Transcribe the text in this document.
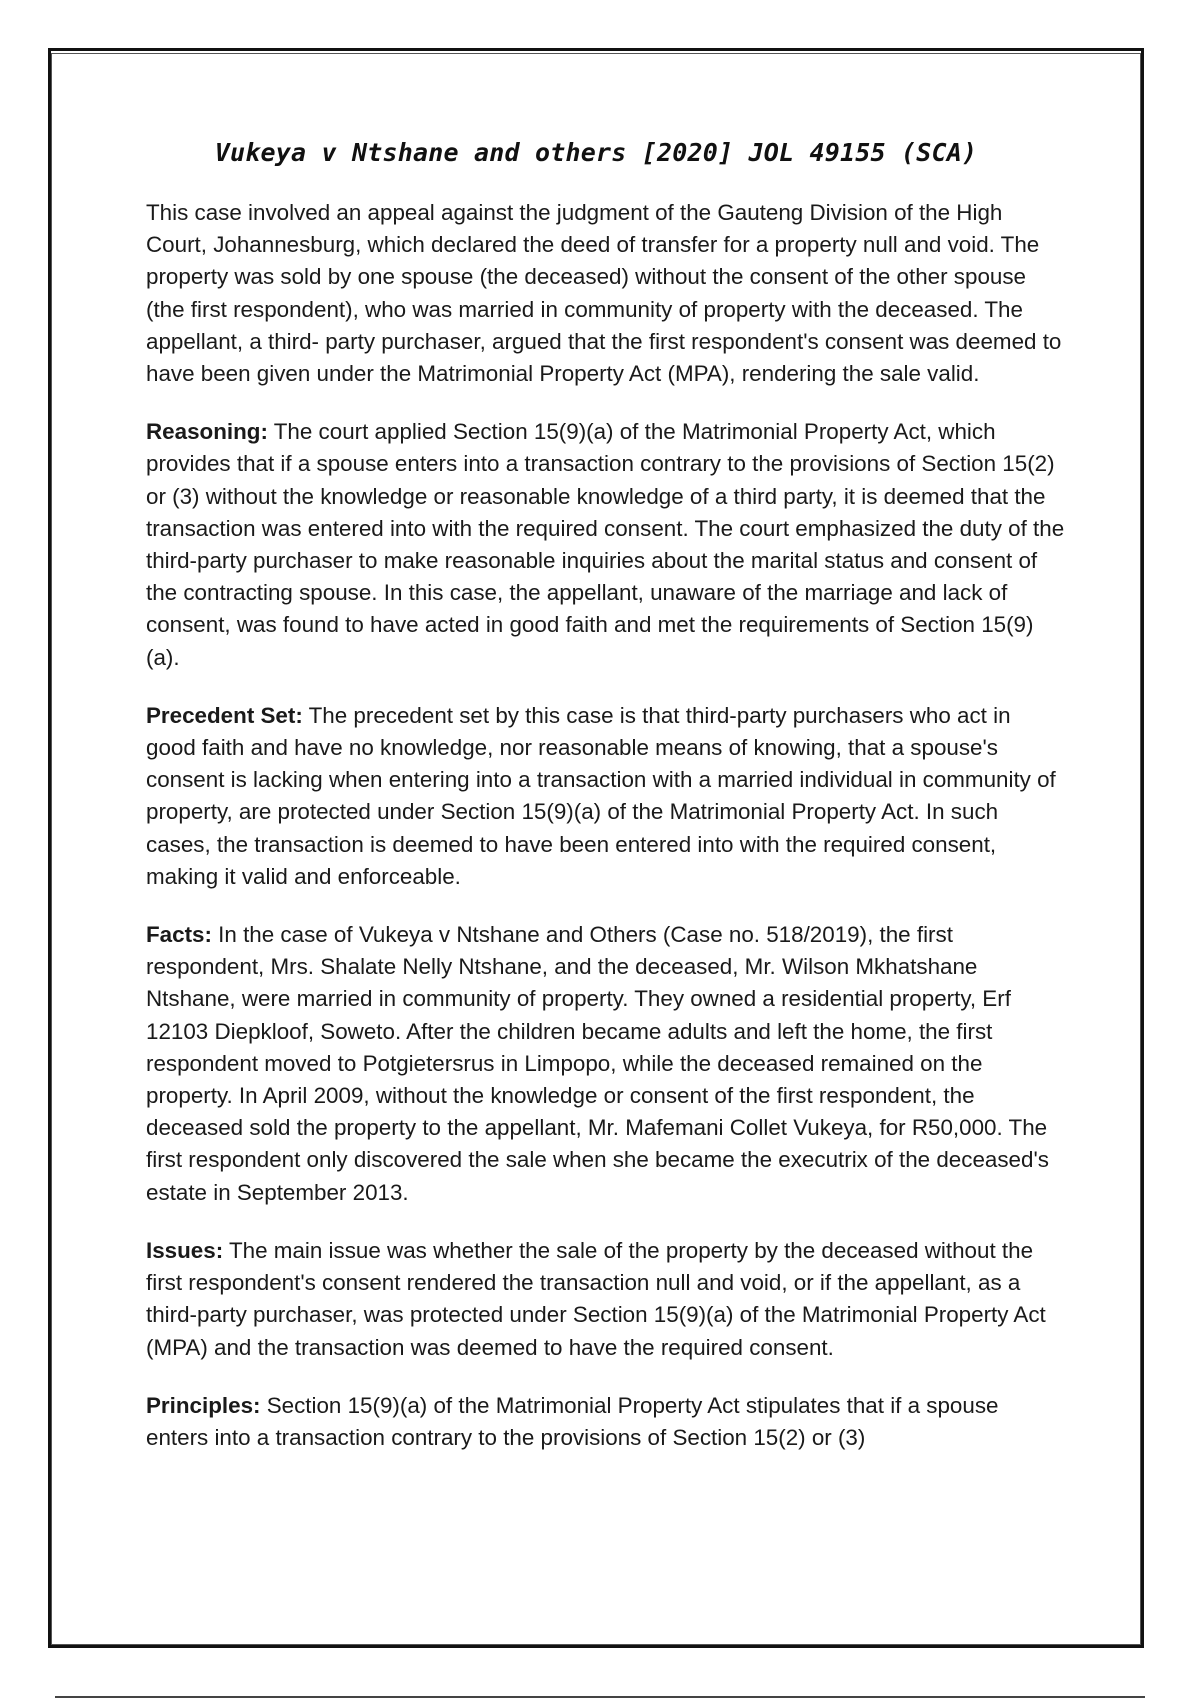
Vukeya v Ntshane and others [2020] JOL 49155 (SCA)

This case involved an appeal against the judgment of the Gauteng Division of the High Court, Johannesburg, which declared the deed of transfer for a property null and void. The property was sold by one spouse (the deceased) without the consent of the other spouse (the first respondent), who was married in community of property with the deceased. The appellant, a third- party purchaser, argued that the first respondent's consent was deemed to have been given under the Matrimonial Property Act (MPA), rendering the sale valid.

Reasoning: The court applied Section 15(9)(a) of the Matrimonial Property Act, which provides that if a spouse enters into a transaction contrary to the provisions of Section 15(2) or (3) without the knowledge or reasonable knowledge of a third party, it is deemed that the transaction was entered into with the required consent. The court emphasized the duty of the third-party purchaser to make reasonable inquiries about the marital status and consent of the contracting spouse. In this case, the appellant, unaware of the marriage and lack of consent, was found to have acted in good faith and met the requirements of Section 15(9)(a).

Precedent Set: The precedent set by this case is that third-party purchasers who act in good faith and have no knowledge, nor reasonable means of knowing, that a spouse's consent is lacking when entering into a transaction with a married individual in community of property, are protected under Section 15(9)(a) of the Matrimonial Property Act. In such cases, the transaction is deemed to have been entered into with the required consent, making it valid and enforceable.

Facts: In the case of Vukeya v Ntshane and Others (Case no. 518/2019), the first respondent, Mrs. Shalate Nelly Ntshane, and the deceased, Mr. Wilson Mkhatshane Ntshane, were married in community of property. They owned a residential property, Erf 12103 Diepkloof, Soweto. After the children became adults and left the home, the first respondent moved to Potgietersrus in Limpopo, while the deceased remained on the property. In April 2009, without the knowledge or consent of the first respondent, the deceased sold the property to the appellant, Mr. Mafemani Collet Vukeya, for R50,000. The first respondent only discovered the sale when she became the executrix of the deceased's estate in September 2013.

Issues: The main issue was whether the sale of the property by the deceased without the first respondent's consent rendered the transaction null and void, or if the appellant, as a third-party purchaser, was protected under Section 15(9)(a) of the Matrimonial Property Act (MPA) and the transaction was deemed to have the required consent.

Principles: Section 15(9)(a) of the Matrimonial Property Act stipulates that if a spouse enters into a transaction contrary to the provisions of Section 15(2) or (3)
